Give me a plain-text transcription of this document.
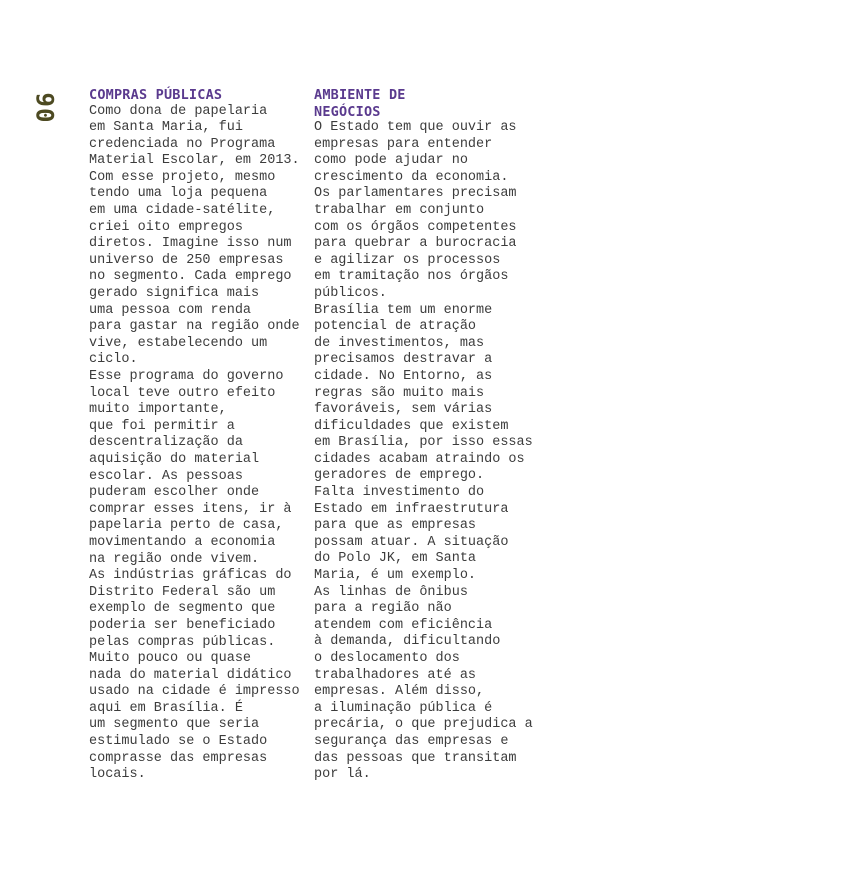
90 COMPRAS PÚBLICAS
Como dona de papelaria
em Santa Maria, fui
credenciada no Programa
Material Escolar, em 2013.
Com esse projeto, mesmo
tendo uma loja pequena
em uma cidade-satélite,
criei oito empregos
diretos. Imagine isso num
universo de 250 empresas
no segmento. Cada emprego
gerado significa mais
uma pessoa com renda
para gastar na região onde
vive, estabelecendo um
ciclo.
Esse programa do governo
local teve outro efeito
muito importante,
que foi permitir a
descentralização da
aquisição do material
escolar. As pessoas
puderam escolher onde
comprar esses itens, ir à
papelaria perto de casa,
movimentando a economia
na região onde vivem.
As indústrias gráficas do
Distrito Federal são um
exemplo de segmento que
poderia ser beneficiado
pelas compras públicas.
Muito pouco ou quase
nada do material didático
usado na cidade é impresso
aqui em Brasília. É
um segmento que seria
estimulado se o Estado
comprasse das empresas
locais.
AMBIENTE DE
NEGÓCIOS
O Estado tem que ouvir as
empresas para entender
como pode ajudar no
crescimento da economia.
Os parlamentares precisam
trabalhar em conjunto
com os órgãos competentes
para quebrar a burocracia
e agilizar os processos
em tramitação nos órgãos
públicos.
Brasília tem um enorme
potencial de atração
de investimentos, mas
precisamos destravar a
cidade. No Entorno, as
regras são muito mais
favoráveis, sem várias
dificuldades que existem
em Brasília, por isso essas
cidades acabam atraindo os
geradores de emprego.
Falta investimento do
Estado em infraestrutura
para que as empresas
possam atuar. A situação
do Polo JK, em Santa
Maria, é um exemplo.
As linhas de ônibus
para a região não
atendem com eficiência
à demanda, dificultando
o deslocamento dos
trabalhadores até as
empresas. Além disso,
a iluminação pública é
precária, o que prejudica a
segurança das empresas e
das pessoas que transitam
por lá.
